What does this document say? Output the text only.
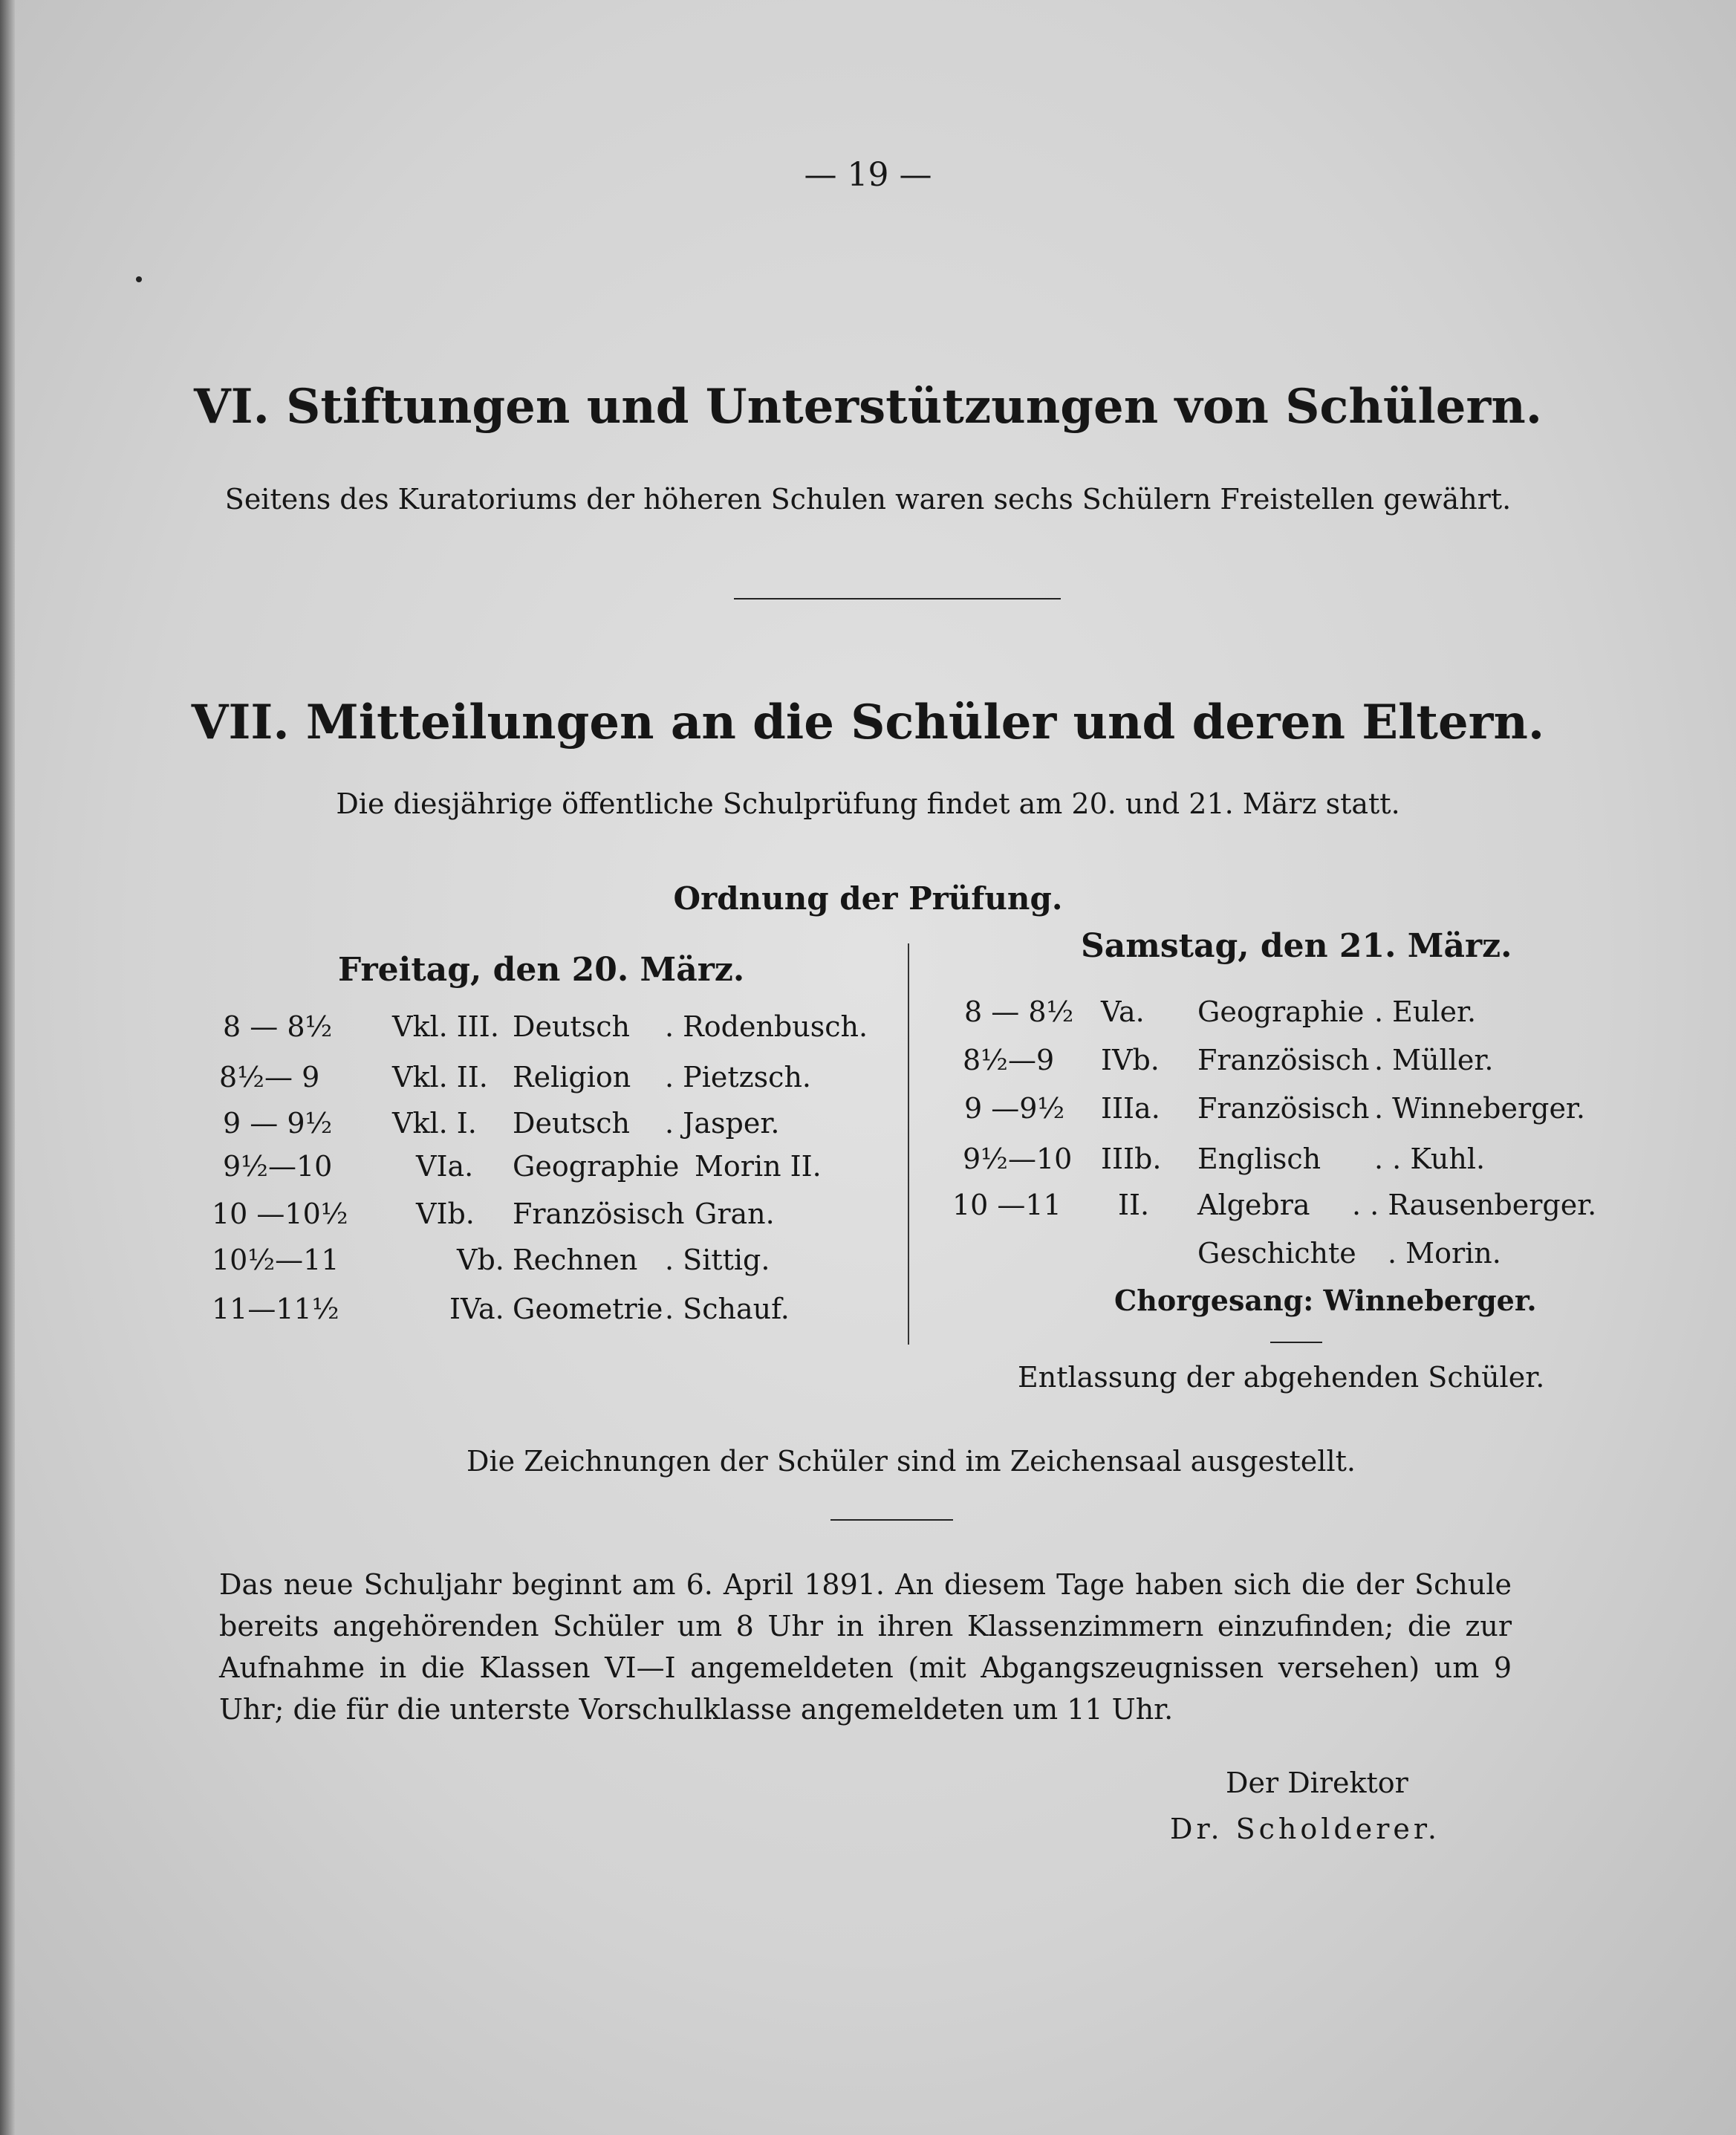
— 19 —
VI. Stiftungen und Unterstützungen von Schülern.
Seitens des Kuratoriums der höheren Schulen waren sechs Schülern Freistellen gewährt.
VII. Mitteilungen an die Schüler und deren Eltern.
Die diesjährige öffentliche Schulprüfung findet am 20. und 21. März statt.
Ordnung der Prüfung.
Freitag, den 20. März.
8 — 8½ Vkl. III. Deutsch . Rodenbusch.
8½— 9	Vkl. II. Religion . Pietzsch.
9 — 9½ Vkl. I. Deutsch . Jasper.
9½—10	VIa. Geographie Morin II.
10 —10½ VIb. Französisch Gran.
10½—11	Vb. Rechnen . Sittig.
11—11½	IVa. Geometrie . Schauf.
Samstag, den 21. März.
8 — 8½ Va. Geographie . Euler.
8½—9 IVb. Französisch . Müller.
9 —9½ IIIa. Französisch . Winneberger.
9½—10 IIIb. Englisch . . Kuhl.
10 —11 II. Algebra . . Rausenberger.
Geschichte . Morin.
Chorgesang: Winneberger.
Entlassung der abgehenden Schüler.
Die Zeichnungen der Schüler sind im Zeichensaal ausgestellt.
Das neue Schuljahr beginnt am 6. April 1891. An diesem Tage haben sich die der Schule bereits angehörenden Schüler um 8 Uhr in ihren Klassenzimmern einzufinden; die zur Aufnahme in die Klassen VI—I angemeldeten (mit Abgangszeugnissen versehen) um 9 Uhr; die für die unterste Vorschulklasse angemeldeten um 11 Uhr.
Der Direktor
Dr. Scholderer.
